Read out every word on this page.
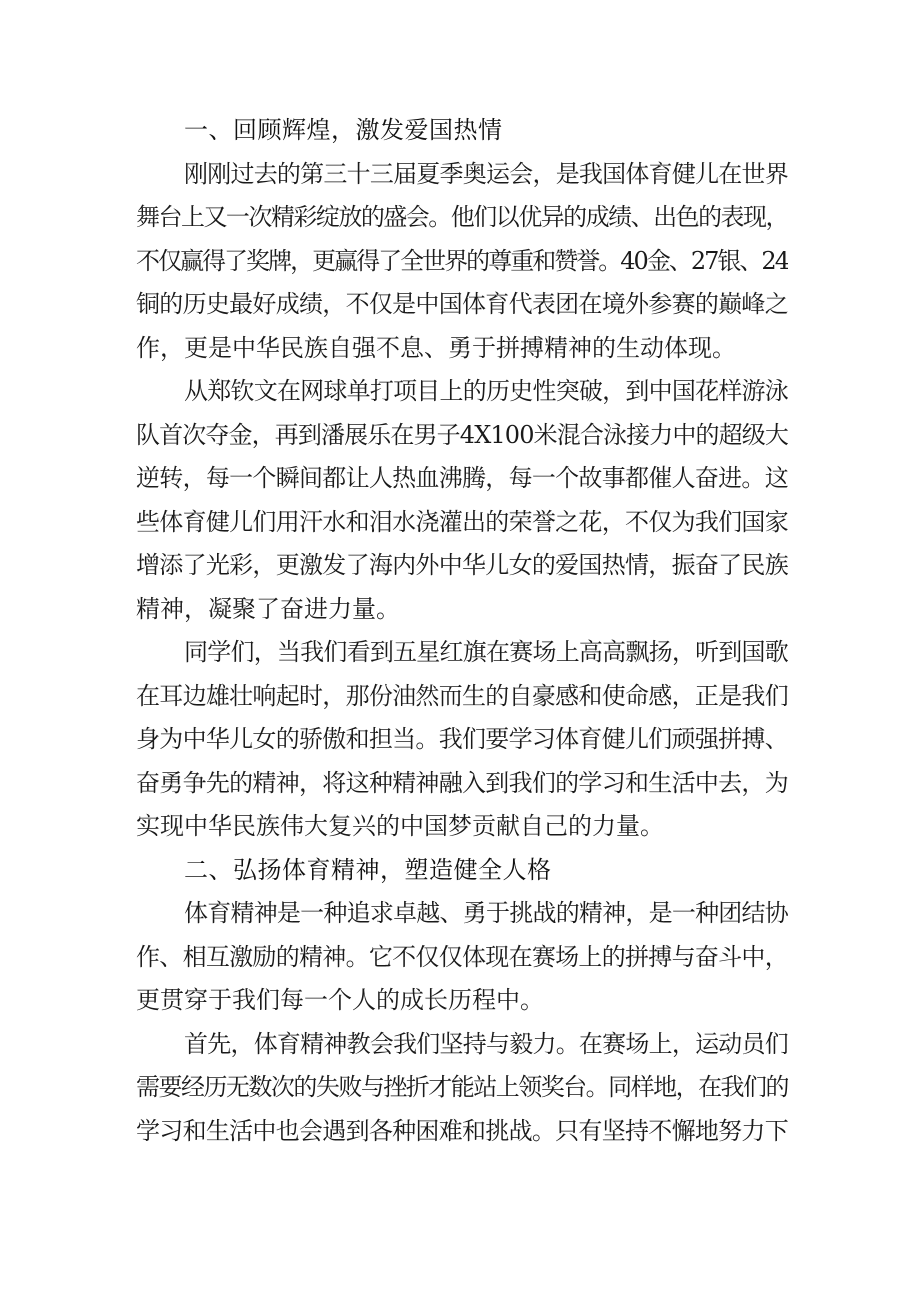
一、回顾辉煌，激发爱国热情

刚刚过去的第三十三届夏季奥运会，是我国体育健儿在世界
舞台上又一次精彩绽放的盛会。他们以优异的成绩、出色的表现，
不仅赢得了奖牌，更赢得了全世界的尊重和赞誉。40金、27银、24
铜的历史最好成绩，不仅是中国体育代表团在境外参赛的巅峰之
作，更是中华民族自强不息、勇于拼搏精神的生动体现。

从郑钦文在网球单打项目上的历史性突破，到中国花样游泳
队首次夺金，再到潘展乐在男子4X100米混合泳接力中的超级大
逆转，每一个瞬间都让人热血沸腾，每一个故事都催人奋进。这
些体育健儿们用汗水和泪水浇灌出的荣誉之花，不仅为我们国家
增添了光彩，更激发了海内外中华儿女的爱国热情，振奋了民族
精神，凝聚了奋进力量。

同学们，当我们看到五星红旗在赛场上高高飘扬，听到国歌
在耳边雄壮响起时，那份油然而生的自豪感和使命感，正是我们
身为中华儿女的骄傲和担当。我们要学习体育健儿们顽强拼搏、
奋勇争先的精神，将这种精神融入到我们的学习和生活中去，为
实现中华民族伟大复兴的中国梦贡献自己的力量。

二、弘扬体育精神，塑造健全人格

体育精神是一种追求卓越、勇于挑战的精神，是一种团结协
作、相互激励的精神。它不仅仅体现在赛场上的拼搏与奋斗中，
更贯穿于我们每一个人的成长历程中。

首先，体育精神教会我们坚持与毅力。在赛场上，运动员们
需要经历无数次的失败与挫折才能站上领奖台。同样地，在我们的
学习和生活中也会遇到各种困难和挑战。只有坚持不懈地努力下
